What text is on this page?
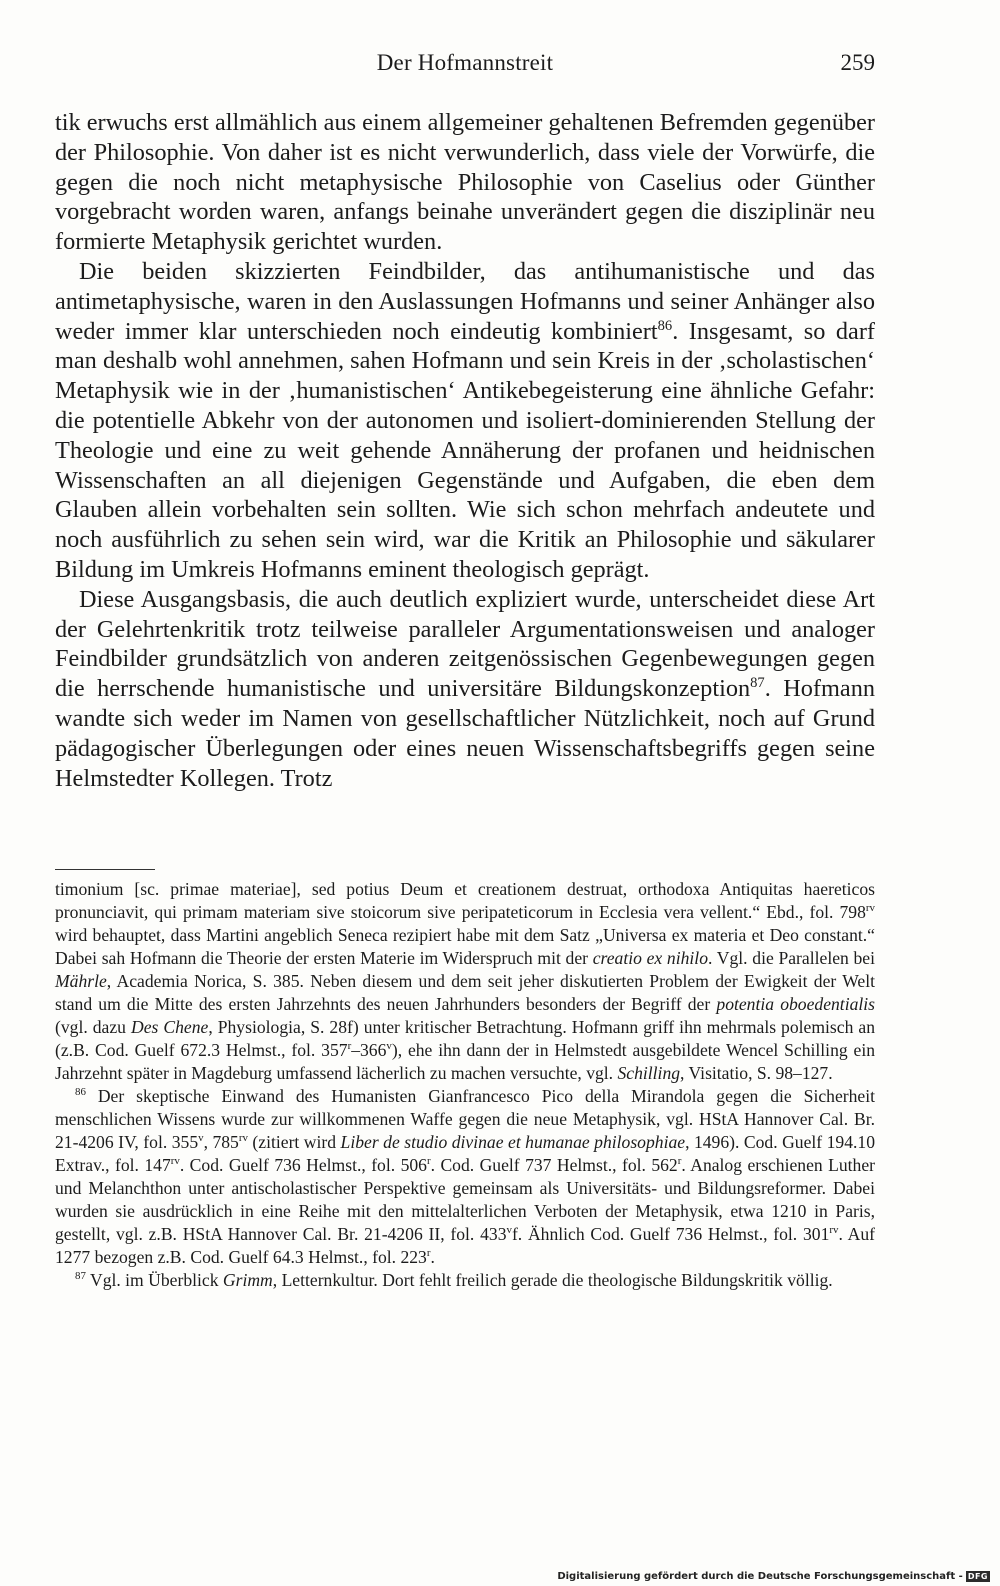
Der Hofmannstreit	259

tik erwuchs erst allmählich aus einem allgemeiner gehaltenen Befremden gegenüber der Philosophie. Von daher ist es nicht verwunderlich, dass viele der Vorwürfe, die gegen die noch nicht metaphysische Philosophie von Caselius oder Günther vorgebracht worden waren, anfangs beinahe unverändert gegen die disziplinär neu formierte Metaphysik gerichtet wurden.

Die beiden skizzierten Feindbilder, das antihumanistische und das antimetaphysische, waren in den Auslassungen Hofmanns und seiner Anhänger also weder immer klar unterschieden noch eindeutig kombiniert$^{86}$. Insgesamt, so darf man deshalb wohl annehmen, sahen Hofmann und sein Kreis in der ‚scholastischen‘ Metaphysik wie in der ‚humanistischen‘ Antikebegeisterung eine ähnliche Gefahr: die potentielle Abkehr von der autonomen und isoliert-dominierenden Stellung der Theologie und eine zu weit gehende Annäherung der profanen und heidnischen Wissenschaften an all diejenigen Gegenstände und Aufgaben, die eben dem Glauben allein vorbehalten sein sollten. Wie sich schon mehrfach andeutete und noch ausführlich zu sehen sein wird, war die Kritik an Philosophie und säkularer Bildung im Umkreis Hofmanns eminent theologisch geprägt.

Diese Ausgangsbasis, die auch deutlich expliziert wurde, unterscheidet diese Art der Gelehrtenkritik trotz teilweise paralleler Argumentationsweisen und analoger Feindbilder grundsätzlich von anderen zeitgenössischen Gegenbewegungen gegen die herrschende humanistische und universitäre Bildungskonzeption$^{87}$. Hofmann wandte sich weder im Namen von gesellschaftlicher Nützlichkeit, noch auf Grund pädagogischer Überlegungen oder eines neuen Wissenschaftsbegriffs gegen seine Helmstedter Kollegen. Trotz

timonium [sc. primae materiae], sed potius Deum et creationem destruat, orthodoxa Antiquitas haereticos pronunciavit, qui primam materiam sive stoicorum sive peripateticorum in Ecclesia vera vellent.“ Ebd., fol. $798^{rv}$ wird behauptet, dass Martini angeblich Seneca rezipiert habe mit dem Satz „Universa ex materia et Deo constant.“ Dabei sah Hofmann die Theorie der ersten Materie im Widerspruch mit der creatio ex nihilo. Vgl. die Parallelen bei Mährle, Academia Norica, S. 385. Neben diesem und dem seit jeher diskutierten Problem der Ewigkeit der Welt stand um die Mitte des ersten Jahrzehnts des neuen Jahrhunders besonders der Begriff der potentia oboedentialis (vgl. dazu Des Chene, Physiologia, S. 28f) unter kritischer Betrachtung. Hofmann griff ihn mehrmals polemisch an (z.B. Cod. Guelf 672.3 Helmst., fol. 357$^r$–366$^v$), ehe ihn dann der in Helmstedt ausgebildete Wencel Schilling ein Jahrzehnt später in Magdeburg umfassend lächerlich zu machen versuchte, vgl. Schilling, Visitatio, S. 98–127.

$^{86}$ Der skeptische Einwand des Humanisten Gianfrancesco Pico della Mirandola gegen die Sicherheit menschlichen Wissens wurde zur willkommenen Waffe gegen die neue Metaphysik, vgl. HStA Hannover Cal. Br. 21-4206 IV, fol. 355$^v$, $785^{rv}$ (zitiert wird Liber de studio divinae et humanae philosophiae, 1496). Cod. Guelf 194.10 Extrav., fol. $147^{rv}$. Cod. Guelf 736 Helmst., fol. 506$^r$. Cod. Guelf 737 Helmst., fol. 562$^r$. Analog erschienen Luther und Melanchthon unter antischolastischer Perspektive gemeinsam als Universitäts- und Bildungsreformer. Dabei wurden sie ausdrücklich in eine Reihe mit den mittelalterlichen Verboten der Metaphysik, etwa 1210 in Paris, gestellt, vgl. z.B. HStA Hannover Cal. Br. 21-4206 II, fol. 433$^v$f. Ähnlich Cod. Guelf 736 Helmst., fol. $301^{rv}$. Auf 1277 bezogen z.B. Cod. Guelf 64.3 Helmst., fol. 223$^r$.

$^{87}$ Vgl. im Überblick Grimm, Letternkultur. Dort fehlt freilich gerade die theologische Bildungskritik völlig.

Digitalisierung gefördert durch die Deutsche Forschungsgemeinschaft - DFG
